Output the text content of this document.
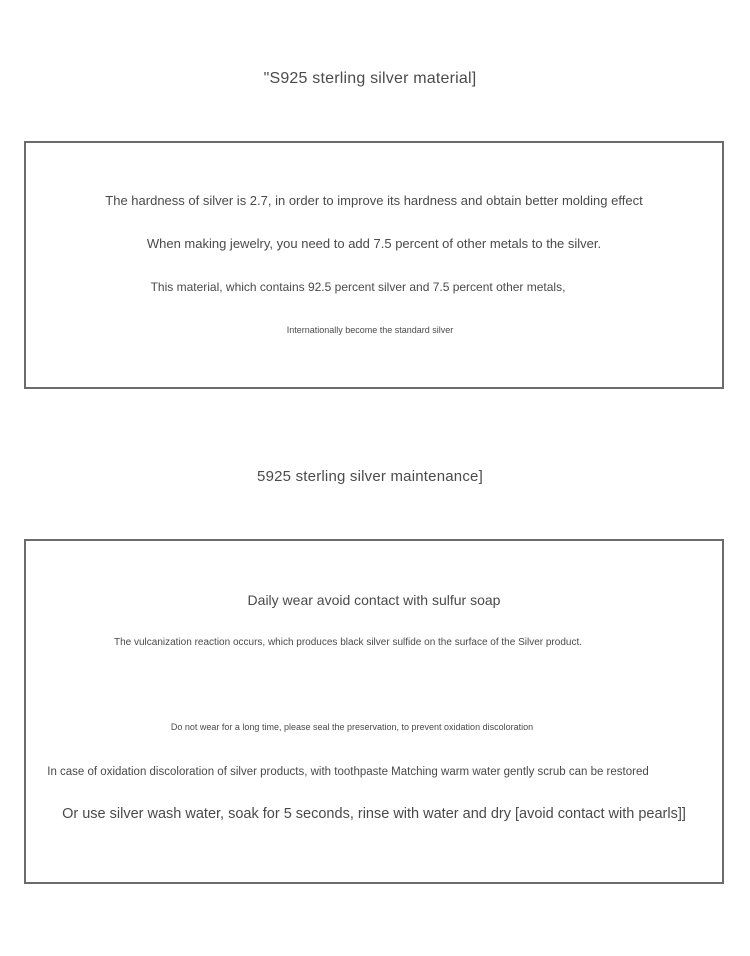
"S925 sterling silver material]
The hardness of silver is 2.7, in order to improve its hardness and obtain better molding effect
When making jewelry, you need to add 7.5 percent of other metals to the silver.
This material, which contains 92.5 percent silver and 7.5 percent other metals,
Internationally become the standard silver
5925 sterling silver maintenance]
Daily wear avoid contact with sulfur soap
The vulcanization reaction occurs, which produces black silver sulfide on the surface of the Silver product.
Do not wear for a long time, please seal the preservation, to prevent oxidation discoloration
In case of oxidation discoloration of silver products, with toothpaste Matching warm water gently scrub can be restored
Or use silver wash water, soak for 5 seconds, rinse with water and dry [avoid contact with pearls]]
